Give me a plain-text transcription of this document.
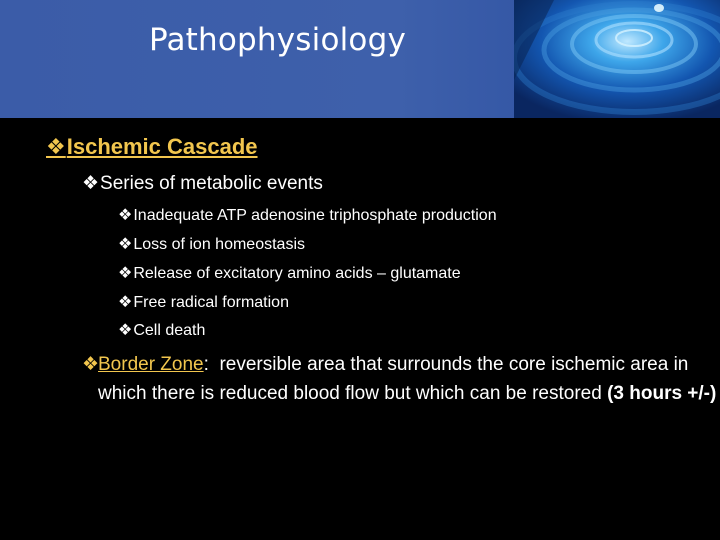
Pathophysiology
❖Ischemic Cascade
❖Series of metabolic events
❖Inadequate ATP adenosine triphosphate production
❖Loss of ion homeostasis
❖Release of excitatory amino acids – glutamate
❖Free radical formation
❖Cell death
❖
Border Zone:  reversible area that surrounds the core ischemic area in which there is reduced blood flow but which can be restored (3 hours +/-)
